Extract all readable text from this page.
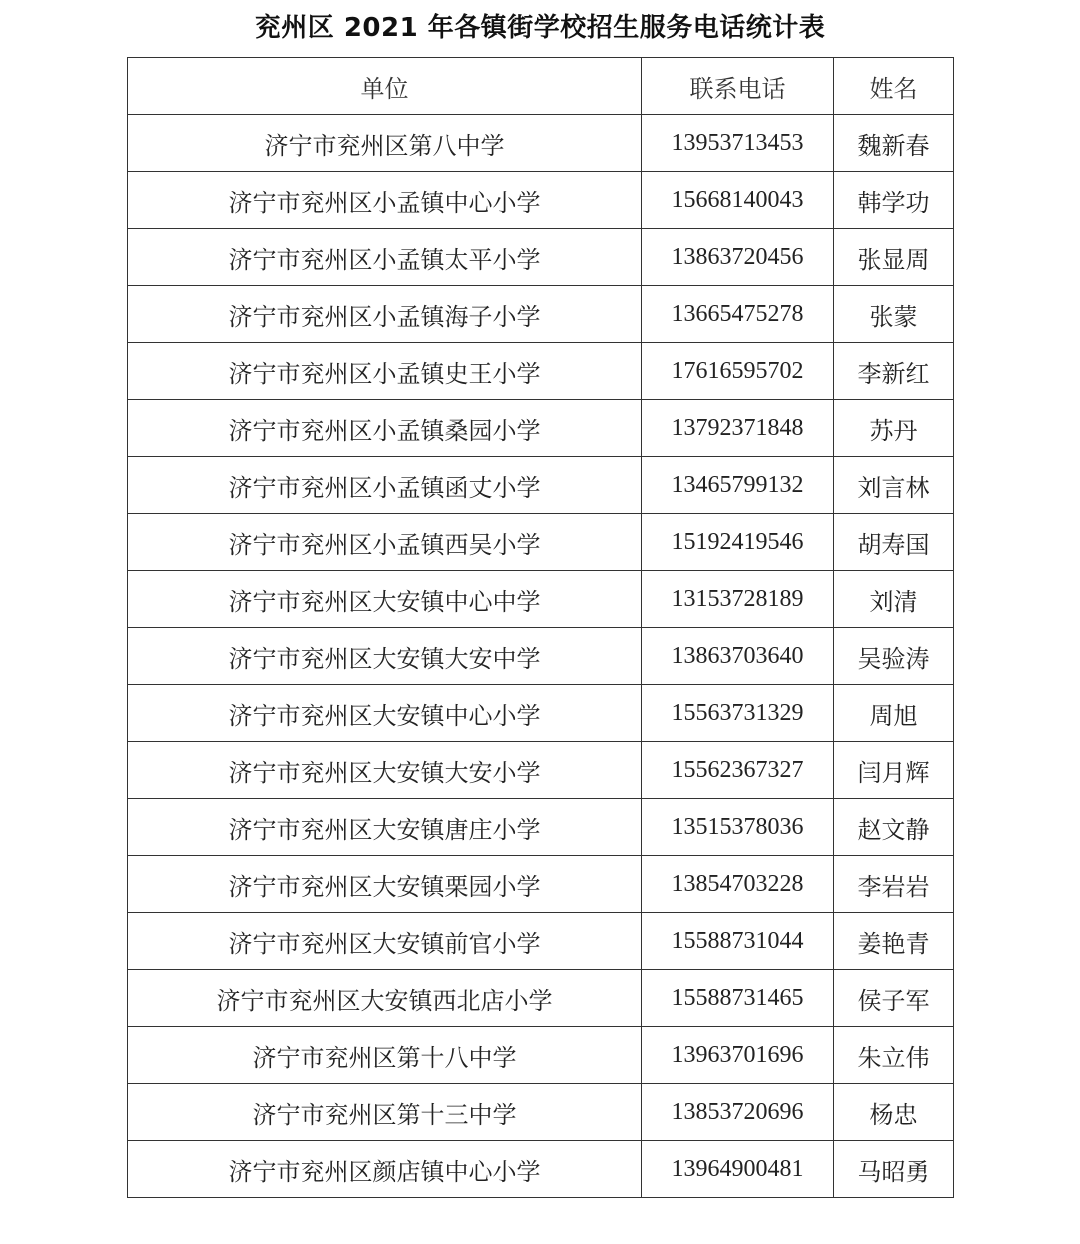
兖州区 2021 年各镇街学校招生服务电话统计表
单位	联系电话	姓名
济宁市兖州区第八中学	13953713453	魏新春
济宁市兖州区小孟镇中心小学	15668140043	韩学功
济宁市兖州区小孟镇太平小学	13863720456	张显周
济宁市兖州区小孟镇海子小学	13665475278	张蒙
济宁市兖州区小孟镇史王小学	17616595702	李新红
济宁市兖州区小孟镇桑园小学	13792371848	苏丹
济宁市兖州区小孟镇函丈小学	13465799132	刘言林
济宁市兖州区小孟镇西吴小学	15192419546	胡寿国
济宁市兖州区大安镇中心中学	13153728189	刘清
济宁市兖州区大安镇大安中学	13863703640	吴验涛
济宁市兖州区大安镇中心小学	15563731329	周旭
济宁市兖州区大安镇大安小学	15562367327	闫月辉
济宁市兖州区大安镇唐庄小学	13515378036	赵文静
济宁市兖州区大安镇栗园小学	13854703228	李岩岩
济宁市兖州区大安镇前官小学	15588731044	姜艳青
济宁市兖州区大安镇西北店小学	15588731465	侯子军
济宁市兖州区第十八中学	13963701696	朱立伟
济宁市兖州区第十三中学	13853720696	杨忠
济宁市兖州区颜店镇中心小学	13964900481	马昭勇
